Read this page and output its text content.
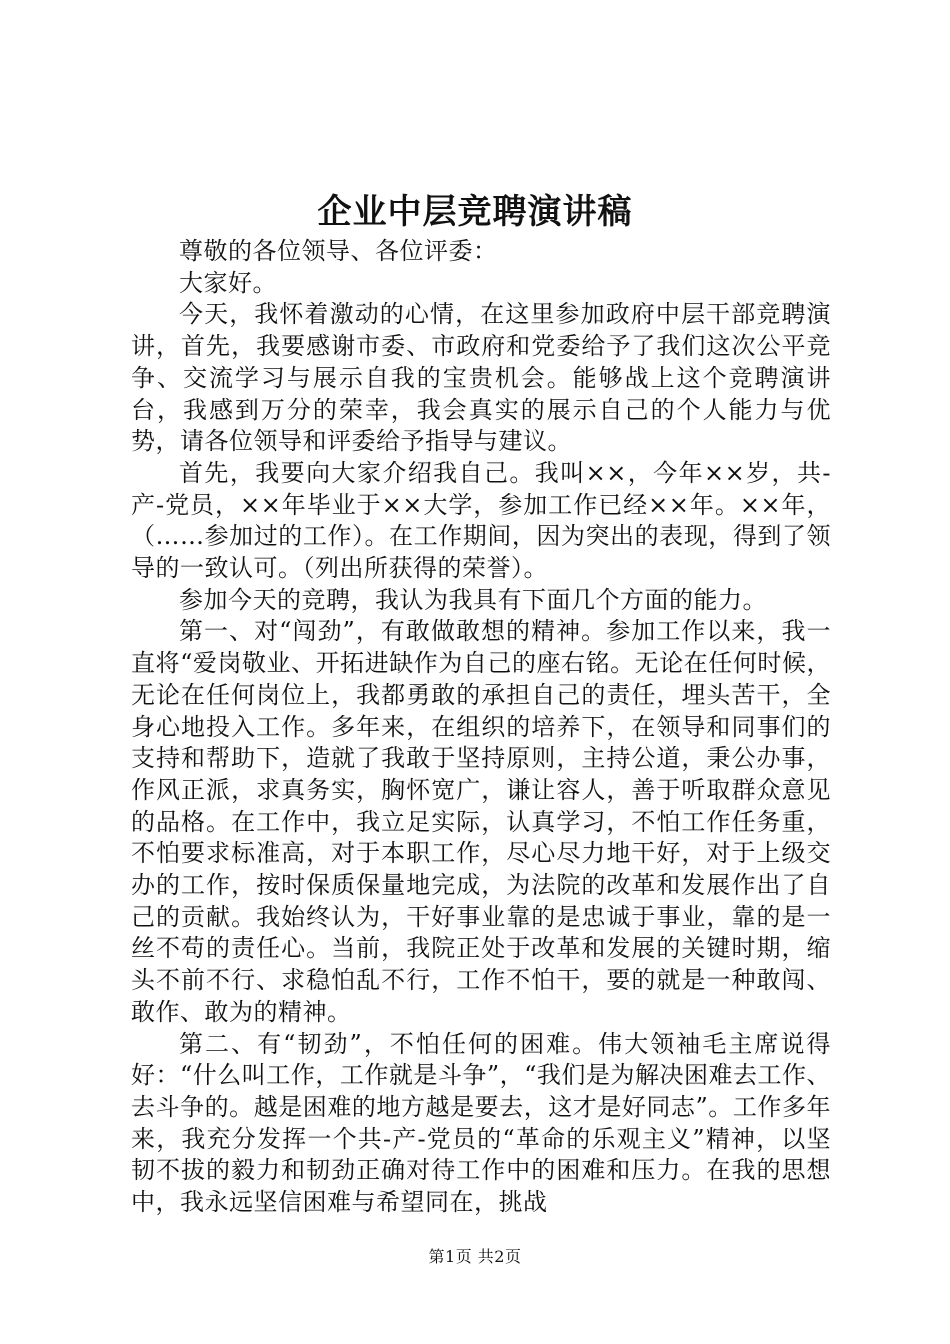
企业中层竞聘演讲稿

尊敬的各位领导、各位评委：

大家好。

今天，我怀着激动的心情，在这里参加政府中层干部竞聘演讲，首先，我要感谢市委、市政府和党委给予了我们这次公平竞争、交流学习与展示自我的宝贵机会。能够战上这个竞聘演讲台，我感到万分的荣幸，我会真实的展示自己的个人能力与优势，请各位领导和评委给予指导与建议。

首先，我要向大家介绍我自己。我叫××，今年××岁，共-产-党员，××年毕业于××大学，参加工作已经××年。××年，（……参加过的工作）。在工作期间，因为突出的表现，得到了领导的一致认可。（列出所获得的荣誉）。

参加今天的竞聘，我认为我具有下面几个方面的能力。

第一、对“闯劲”，有敢做敢想的精神。参加工作以来，我一直将“爱岗敬业、开拓进缺作为自己的座右铭。无论在任何时候，无论在任何岗位上，我都勇敢的承担自己的责任，埋头苦干，全身心地投入工作。多年来，在组织的培养下，在领导和同事们的支持和帮助下，造就了我敢于坚持原则，主持公道，秉公办事，作风正派，求真务实，胸怀宽广，谦让容人，善于听取群众意见的品格。在工作中，我立足实际，认真学习，不怕工作任务重，不怕要求标准高，对于本职工作，尽心尽力地干好，对于上级交办的工作，按时保质保量地完成，为法院的改革和发展作出了自己的贡献。我始终认为，干好事业靠的是忠诚于事业，靠的是一丝不苟的责任心。当前，我院正处于改革和发展的关键时期，缩头不前不行、求稳怕乱不行，工作不怕干，要的就是一种敢闯、敢作、敢为的精神。

第二、有“韧劲”，不怕任何的困难。伟大领袖毛主席说得好：“什么叫工作，工作就是斗争”，“我们是为解决困难去工作、去斗争的。越是困难的地方越是要去，这才是好同志”。工作多年来，我充分发挥一个共-产-党员的“革命的乐观主义”精神，以坚韧不拔的毅力和韧劲正确对待工作中的困难和压力。在我的思想中，我永远坚信困难与希望同在，挑战

第1页 共2页
